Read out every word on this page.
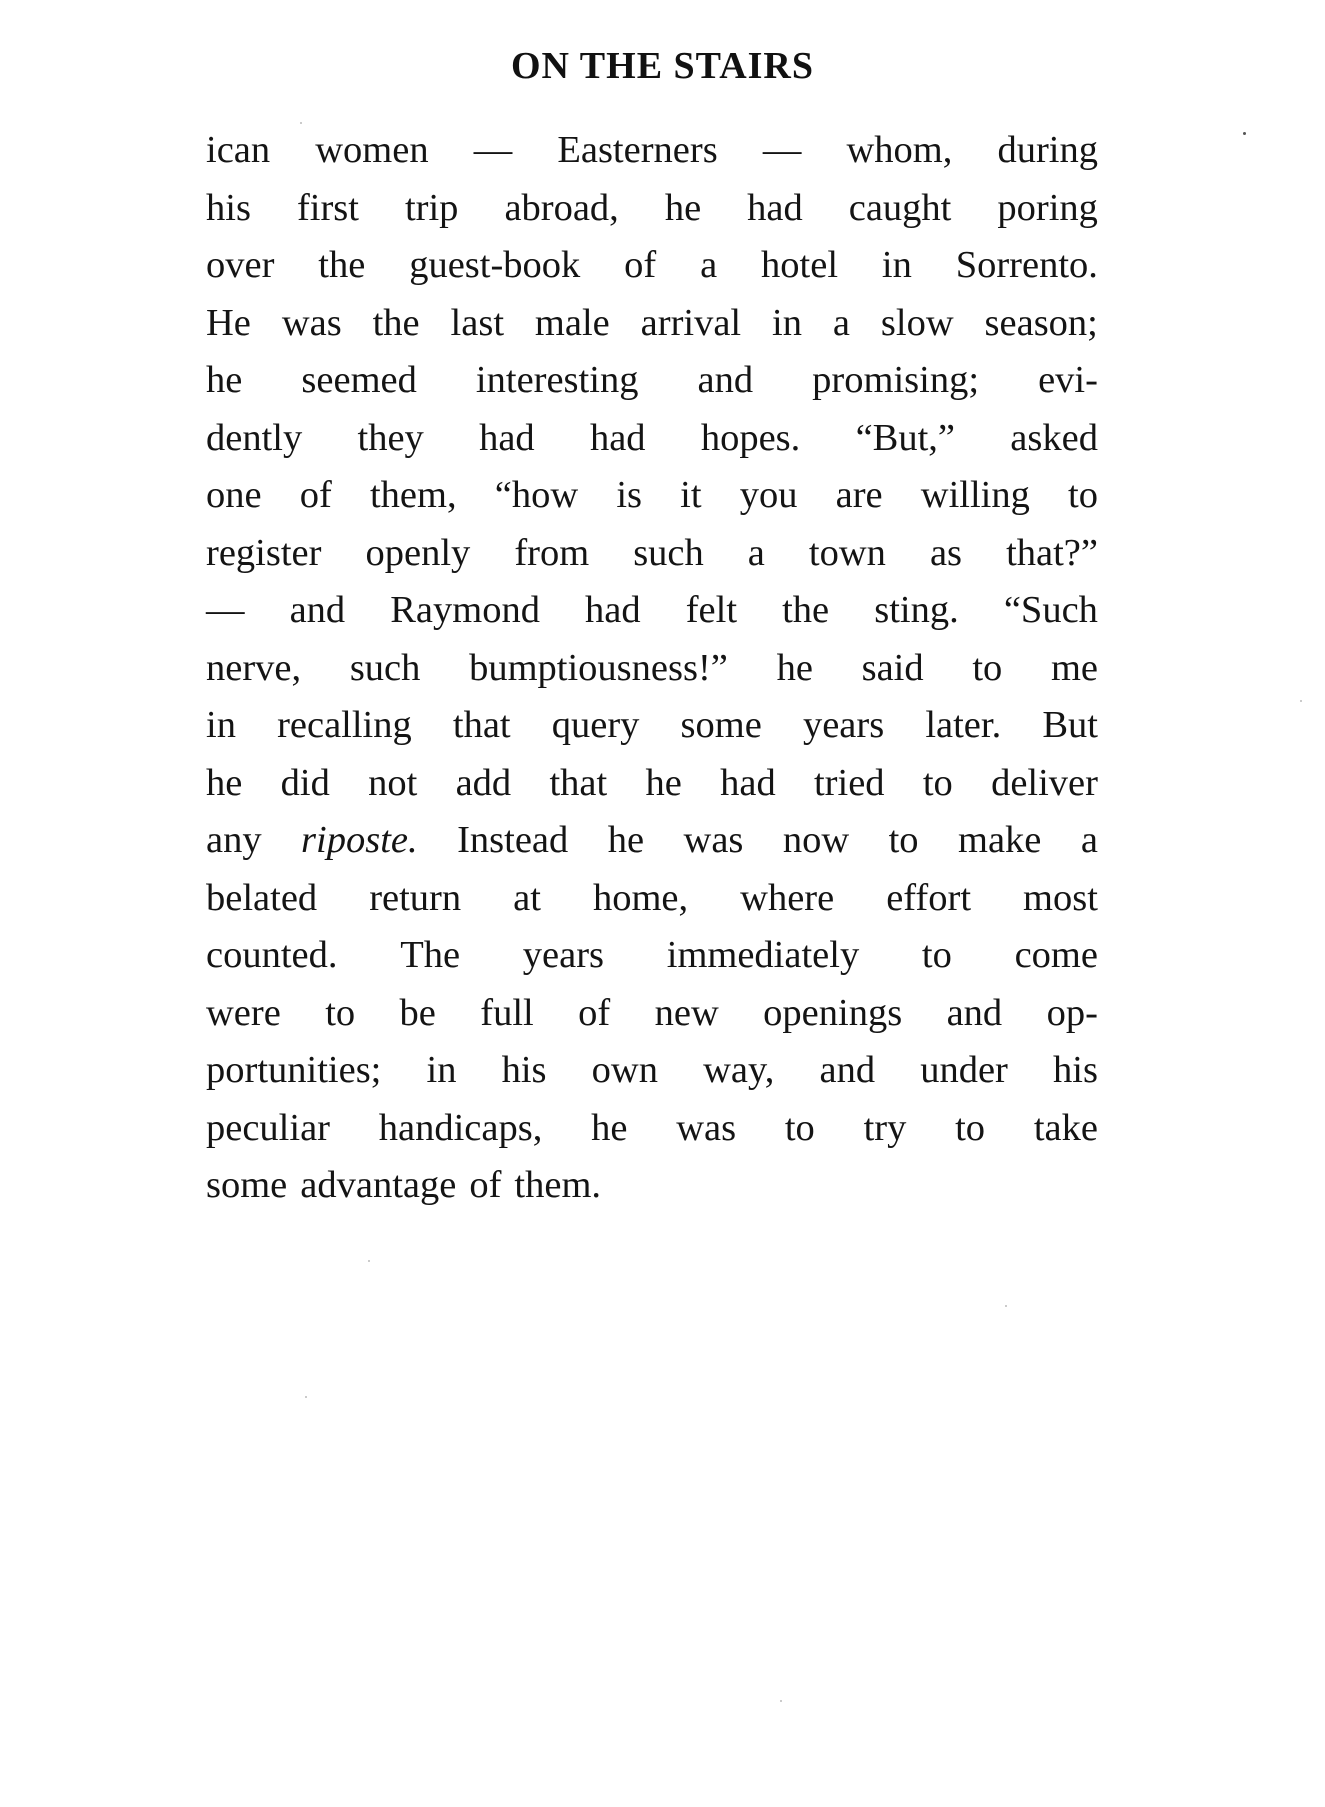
ON THE STAIRS
ican women — Easterners — whom, during
his first trip abroad, he had caught poring
over the guest-book of a hotel in Sorrento.
He was the last male arrival in a slow season;
he seemed interesting and promising; evi-
dently they had had hopes. “But,” asked
one of them, “how is it you are willing to
register openly from such a town as that?”
— and Raymond had felt the sting. “Such
nerve, such bumptiousness!” he said to me
in recalling that query some years later. But
he did not add that he had tried to deliver
any riposte. Instead he was now to make a
belated return at home, where effort most
counted. The years immediately to come
were to be full of new openings and op-
portunities; in his own way, and under his
peculiar handicaps, he was to try to take
some advantage of them.
